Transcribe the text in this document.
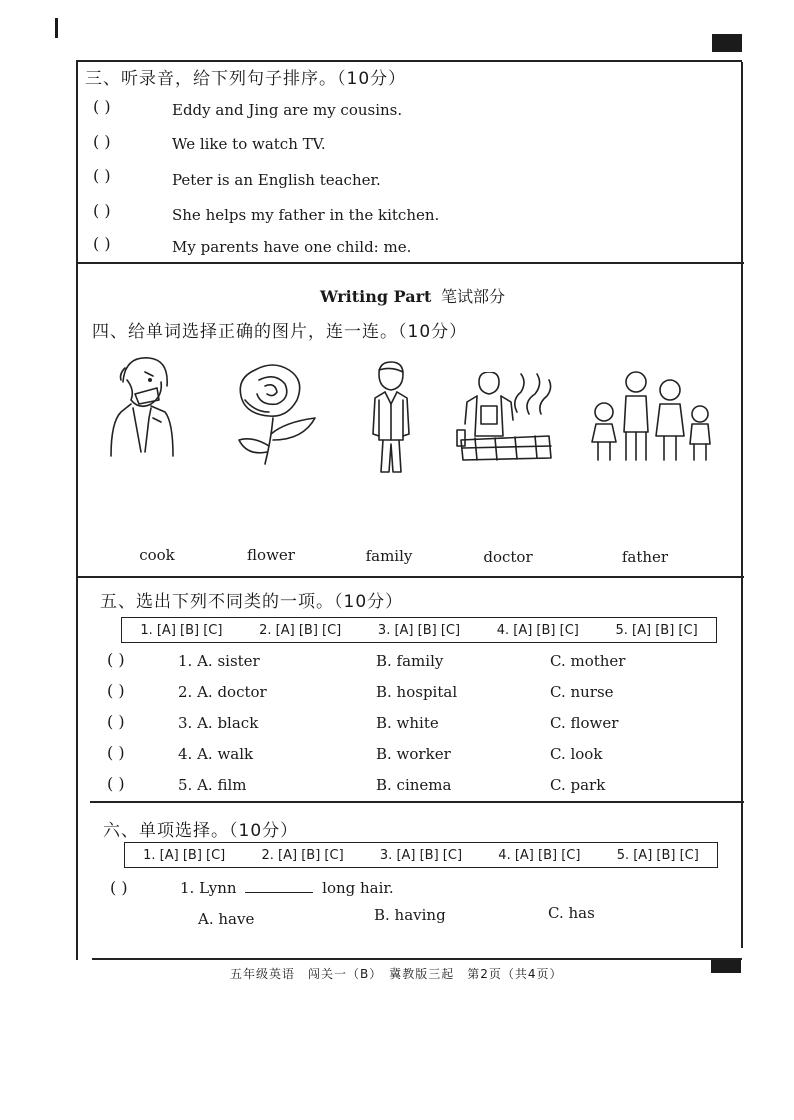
三、听录音，给下列句子排序。（10分）
( )	Eddy and Jing are my cousins.
( )	We like to watch TV.
( )	Peter is an English teacher.
( )	She helps my father in the kitchen.
( )	My parents have one child: me.
Writing Part 笔试部分
四、给单词选择正确的图片，连一连。（10分）
cook	flower	family	doctor	father
五、选出下列不同类的一项。（10分）
1. [A] [B] [C]	2. [A] [B] [C]	3. [A] [B] [C]	4. [A] [B] [C]	5. [A] [B] [C]
( )	1. A. sister	B. family	C. mother
( )	2. A. doctor	B. hospital	C. nurse
( )	3. A. black	B. white	C. flower
( )	4. A. walk	B. worker	C. look
( )	5. A. film	B. cinema	C. park
六、单项选择。（10分）
1. [A] [B] [C]	2. [A] [B] [C]	3. [A] [B] [C]	4. [A] [B] [C]	5. [A] [B] [C]
( )	1. Lynn	long hair.
A. have	B. having	C. has
五年级英语　闯关一（B）　冀教版三起　第2页（共4页）
